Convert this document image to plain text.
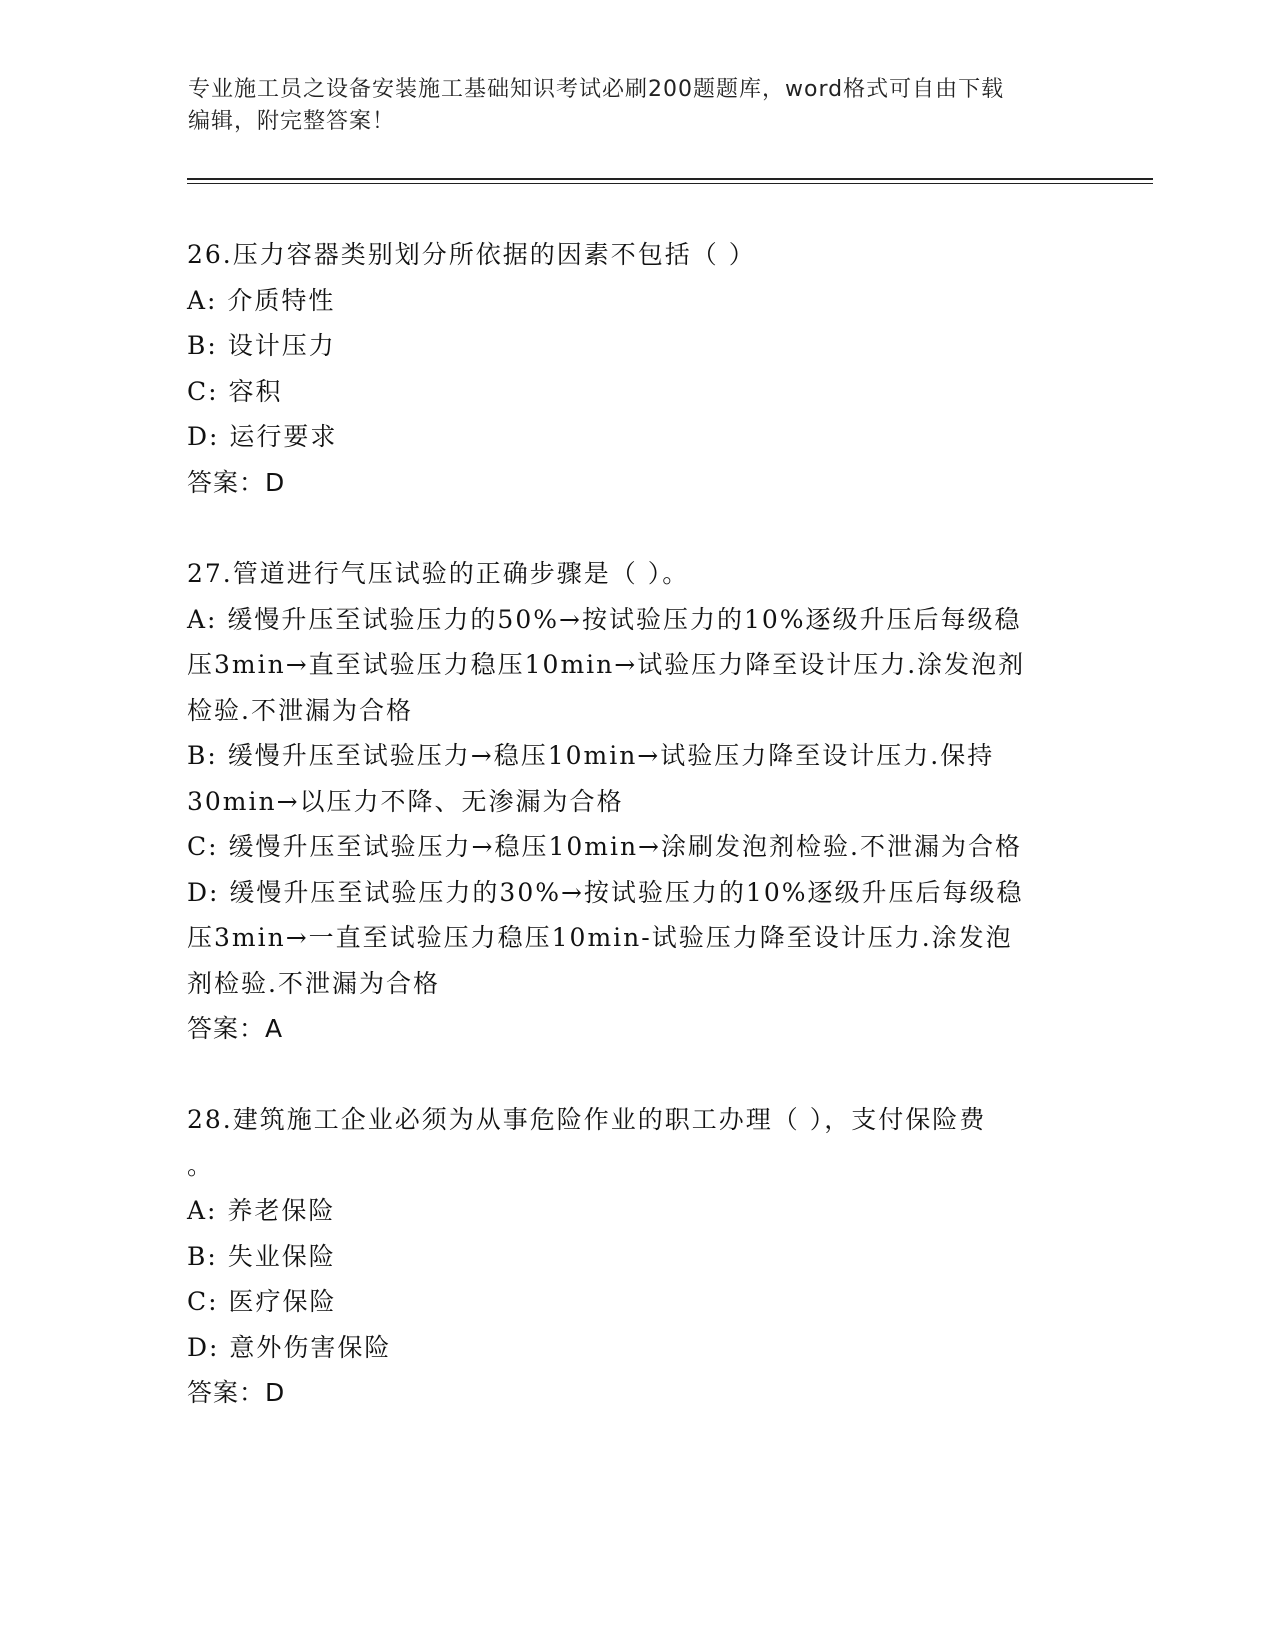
专业施工员之设备安装施工基础知识考试必刷200题题库，word格式可自由下载
编辑，附完整答案！
26.压力容器类别划分所依据的因素不包括（ ）
A: 介质特性
B: 设计压力
C: 容积
D: 运行要求
答案：D
27.管道进行气压试验的正确步骤是（ ）。
A: 缓慢升压至试验压力的50%→按试验压力的10%逐级升压后每级稳
压3min→直至试验压力稳压10min→试验压力降至设计压力.涂发泡剂
检验.不泄漏为合格
B: 缓慢升压至试验压力→稳压10min→试验压力降至设计压力.保持
30min→以压力不降、无渗漏为合格
C: 缓慢升压至试验压力→稳压10min→涂刷发泡剂检验.不泄漏为合格
D: 缓慢升压至试验压力的30%→按试验压力的10%逐级升压后每级稳
压3min→一直至试验压力稳压10min-试验压力降至设计压力.涂发泡
剂检验.不泄漏为合格
答案：A
28.建筑施工企业必须为从事危险作业的职工办理（ ），支付保险费
。
A: 养老保险
B: 失业保险
C: 医疗保险
D: 意外伤害保险
答案：D
